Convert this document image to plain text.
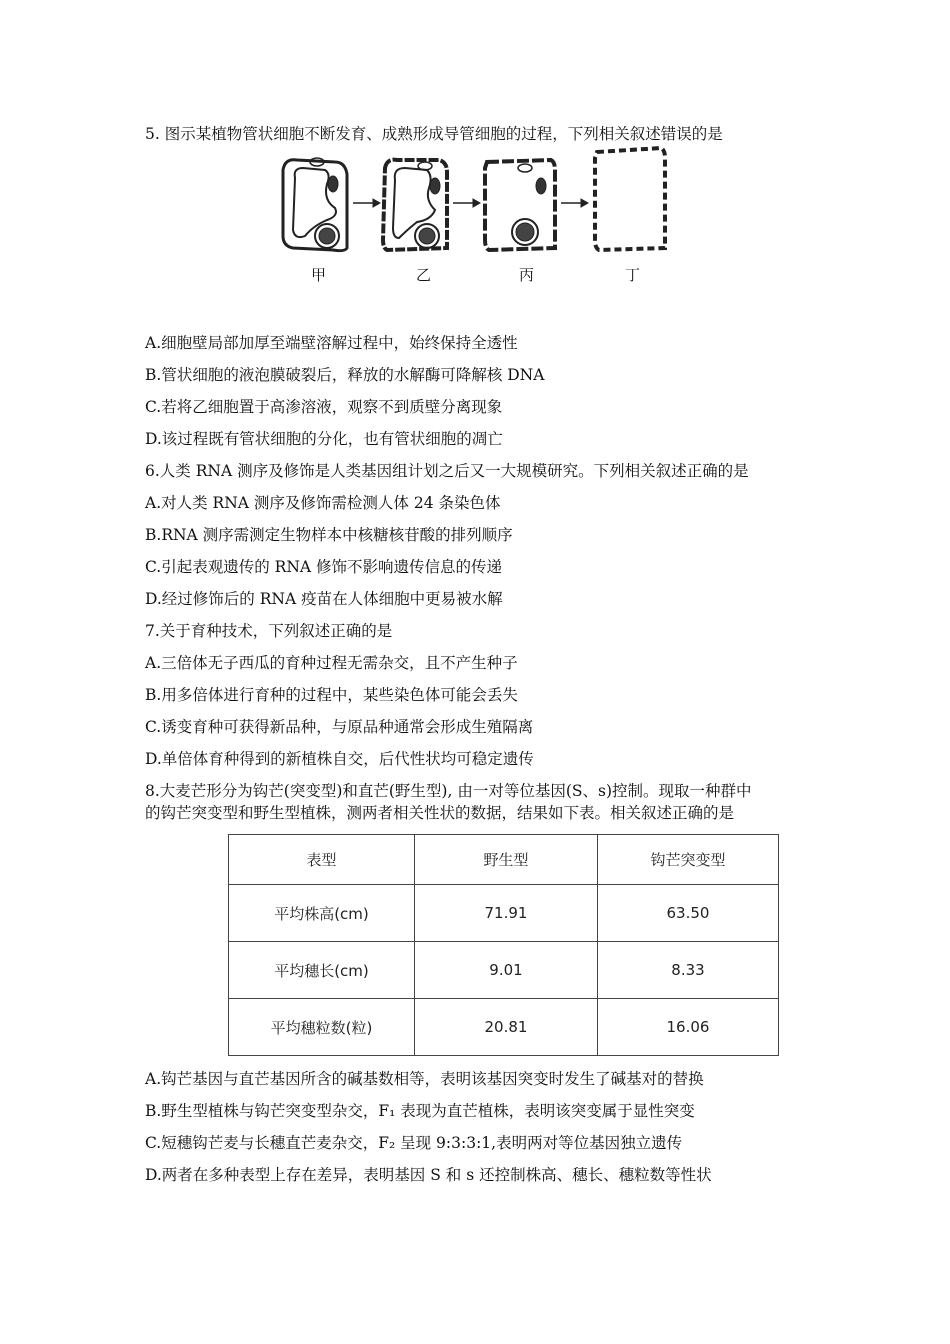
5. 图示某植物管状细胞不断发育、成熟形成导管细胞的过程，下列相关叙述错误的是
甲	乙	丙	丁
A.细胞壁局部加厚至端壁溶解过程中，始终保持全透性
B.管状细胞的液泡膜破裂后，释放的水解酶可降解核 DNA
C.若将乙细胞置于高渗溶液，观察不到质壁分离现象
D.该过程既有管状细胞的分化，也有管状细胞的凋亡
6.人类 RNA 测序及修饰是人类基因组计划之后又一大规模研究。下列相关叙述正确的是
A.对人类 RNA 测序及修饰需检测人体 24 条染色体
B.RNA 测序需测定生物样本中核糖核苷酸的排列顺序
C.引起表观遗传的 RNA 修饰不影响遗传信息的传递
D.经过修饰后的 RNA 疫苗在人体细胞中更易被水解
7.关于育种技术，下列叙述正确的是
A.三倍体无子西瓜的育种过程无需杂交，且不产生种子
B.用多倍体进行育种的过程中，某些染色体可能会丢失
C.诱变育种可获得新品种，与原品种通常会形成生殖隔离
D.单倍体育种得到的新植株自交，后代性状均可稳定遗传
8.大麦芒形分为钩芒(突变型)和直芒(野生型), 由一对等位基因(S、s)控制。现取一种群中
的钩芒突变型和野生型植株，测两者相关性状的数据，结果如下表。相关叙述正确的是
表型	野生型	钩芒突变型
平均株高(cm)	71.91	63.50
平均穗长(cm)	9.01	8.33
平均穗粒数(粒)	20.81	16.06
A.钩芒基因与直芒基因所含的碱基数相等，表明该基因突变时发生了碱基对的替换
B.野生型植株与钩芒突变型杂交，F₁ 表现为直芒植株，表明该突变属于显性突变
C.短穗钩芒麦与长穗直芒麦杂交，F₂ 呈现 9:3:3:1,表明两对等位基因独立遗传
D.两者在多种表型上存在差异，表明基因 S 和 s 还控制株高、穗长、穗粒数等性状
